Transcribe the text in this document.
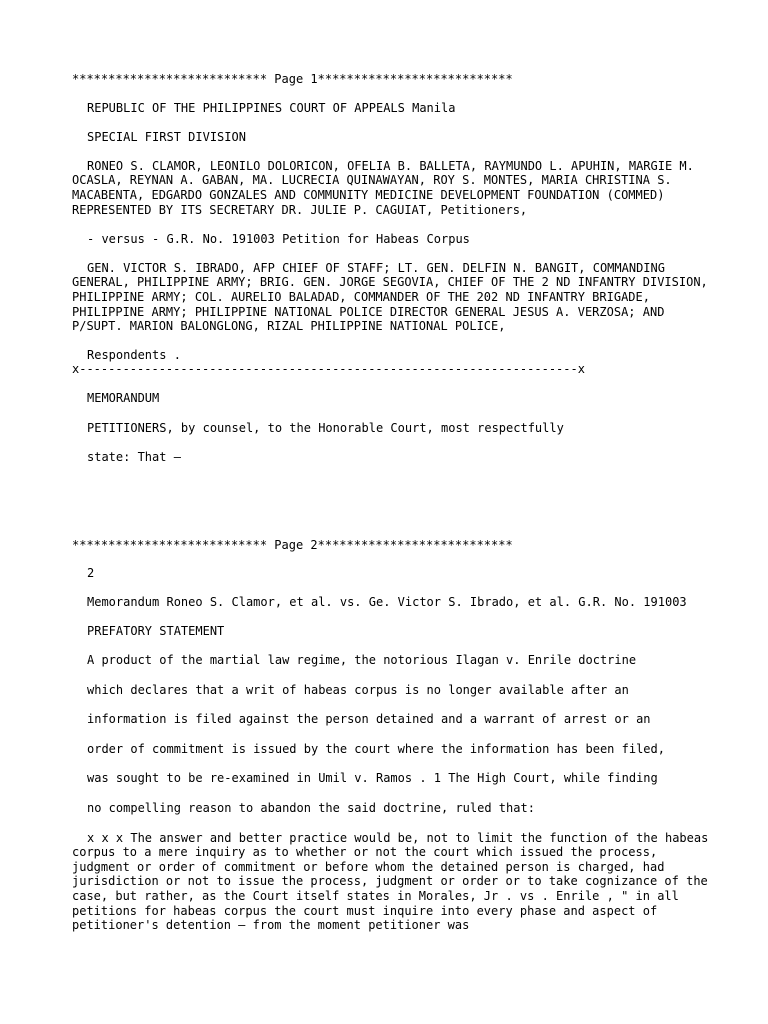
*************************** Page 1***************************
REPUBLIC OF THE PHILIPPINES COURT OF APPEALS Manila
SPECIAL FIRST DIVISION
RONEO S. CLAMOR, LEONILO DOLORICON, OFELIA B. BALLETA, RAYMUNDO L. APUHIN, MARGIE M. OCASLA, REYNAN A. GABAN, MA. LUCRECIA QUINAWAYAN, ROY S. MONTES, MARIA CHRISTINA S. MACABENTA, EDGARDO GONZALES AND COMMUNITY MEDICINE DEVELOPMENT FOUNDATION (COMMED) REPRESENTED BY ITS SECRETARY DR. JULIE P. CAGUIAT, Petitioners,
- versus - G.R. No. 191003 Petition for Habeas Corpus
GEN. VICTOR S. IBRADO, AFP CHIEF OF STAFF; LT. GEN. DELFIN N. BANGIT, COMMANDING GENERAL, PHILIPPINE ARMY; BRIG. GEN. JORGE SEGOVIA, CHIEF OF THE 2 ND INFANTRY DIVISION, PHILIPPINE ARMY; COL. AURELIO BALADAD, COMMANDER OF THE 202 ND INFANTRY BRIGADE, PHILIPPINE ARMY; PHILIPPINE NATIONAL POLICE DIRECTOR GENERAL JESUS A. VERZOSA; AND P/SUPT. MARION BALONGLONG, RIZAL PHILIPPINE NATIONAL POLICE,
Respondents .
x---------------------------------------------------------------------x
MEMORANDUM
PETITIONERS, by counsel, to the Honorable Court, most respectfully
state: That –
*************************** Page 2***************************
2
Memorandum Roneo S. Clamor, et al. vs. Ge. Victor S. Ibrado, et al. G.R. No. 191003
PREFATORY STATEMENT
A product of the martial law regime, the notorious Ilagan v. Enrile doctrine
which declares that a writ of habeas corpus is no longer available after an
information is filed against the person detained and a warrant of arrest or an
order of commitment is issued by the court where the information has been filed,
was sought to be re-examined in Umil v. Ramos . 1 The High Court, while finding
no compelling reason to abandon the said doctrine, ruled that:
x x x The answer and better practice would be, not to limit the function of the habeas corpus to a mere inquiry as to whether or not the court which issued the process, judgment or order of commitment or before whom the detained person is charged, had jurisdiction or not to issue the process, judgment or order or to take cognizance of the case, but rather, as the Court itself states in Morales, Jr . vs . Enrile , " in all petitions for habeas corpus the court must inquire into every phase and aspect of petitioner's detention – from the moment petitioner was
